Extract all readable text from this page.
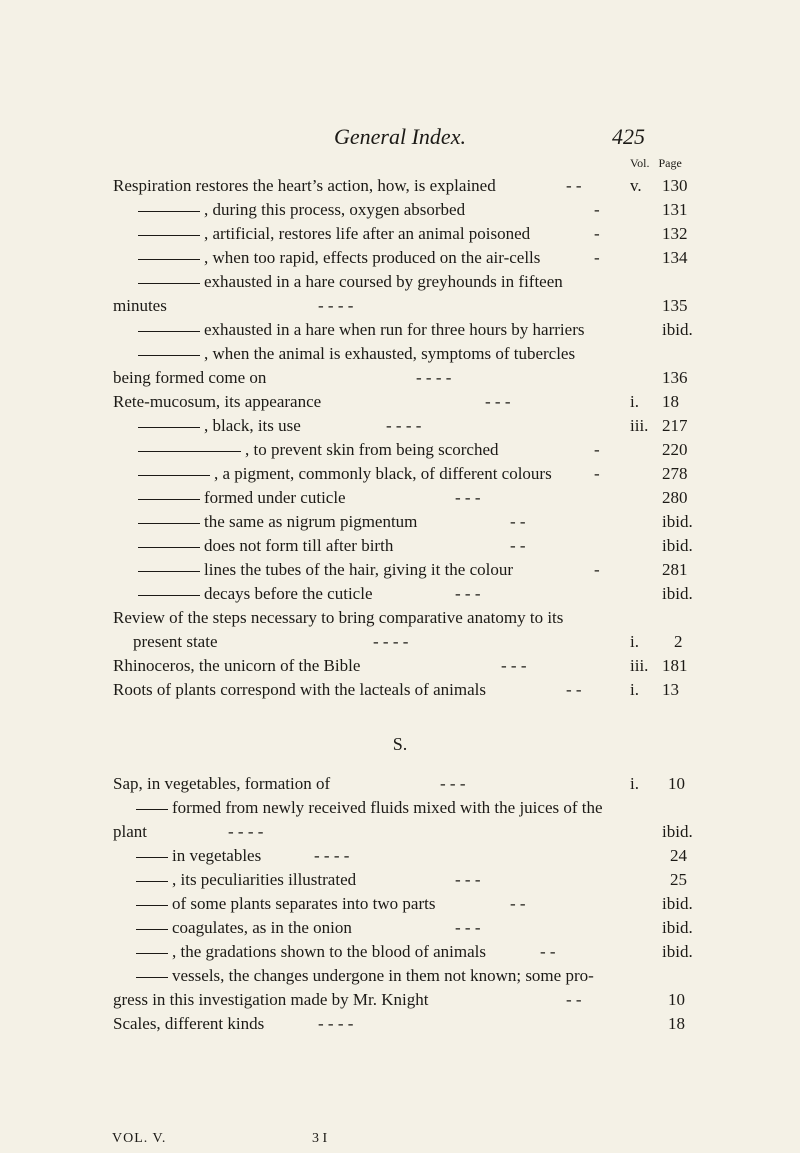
General Index.	425
Vol. Page
Respiration restores the heart’s action, how, is explained	- -	v. 130
, during this process, oxygen absorbed	-	131
, artificial, restores life after an animal poisoned	-	132
, when too rapid, effects produced on the air-cells	-	134
exhausted in a hare coursed by greyhounds in fifteen
minutes	- - - -	135
exhausted in a hare when run for three hours by harriers	ibid.
, when the animal is exhausted, symptoms of tubercles
being formed come on	- - - -	136
Rete-mucosum, its appearance	- - -	i. 18
, black, its use	- - - -	iii. 217
, to prevent skin from being scorched	-	220
, a pigment, commonly black, of different colours -	278
formed under cuticle	- - -	280
the same as nigrum pigmentum	- -	ibid.
does not form till after birth	- -	ibid.
lines the tubes of the hair, giving it the colour	-	281
decays before the cuticle	- - -	ibid.
Review of the steps necessary to bring comparative anatomy to its
present state	- - - -	i. 2
Rhinoceros, the unicorn of the Bible	- - -	iii. 181
Roots of plants correspond with the lacteals of animals	- -	i. 13
S.
Sap, in vegetables, formation of	- - -	i. 10
formed from newly received fluids mixed with the juices of the
plant	- - - -	ibid.
in vegetables	- - - -	24
, its peculiarities illustrated	- - -	25
of some plants separates into two parts	- -	ibid.
coagulates, as in the onion	- - -	ibid.
, the gradations shown to the blood of animals	- -	ibid.
vessels, the changes undergone in them not known; some pro-
gress in this investigation made by Mr. Knight	- -	10
Scales, different kinds	- - - -	18
VOL. V.	3 I
